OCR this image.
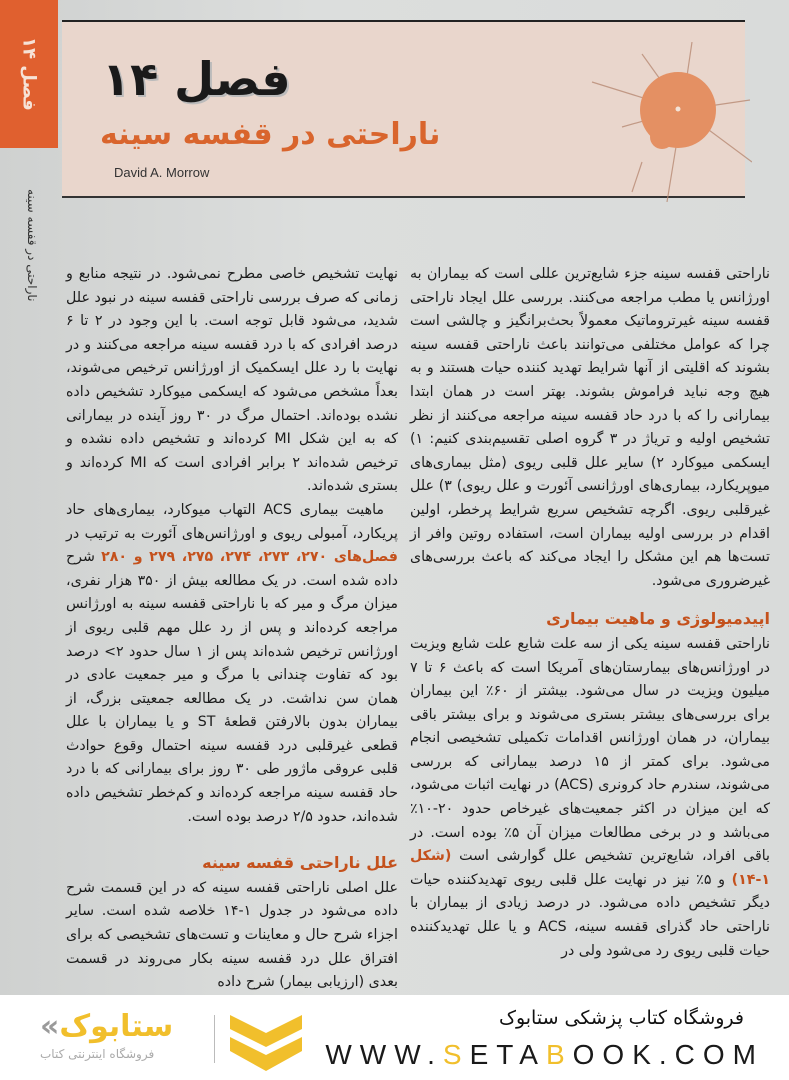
فصل ۱۴
ناراحتی در قفسه سینه
فصل ۱۴
ناراحتی در قفسه سینه
David A. Morrow

ناراحتی قفسه سینه جزء شایع‌ترین عللی است که بیماران به اورژانس یا مطب مراجعه می‌کنند. بررسی علل ایجاد ناراحتی قفسه سینه غیرتروماتیک معمولاً بحث‌برانگیز و چالشی است چرا که عوامل مختلفی می‌توانند باعث ناراحتی قفسه سینه بشوند که اقلیتی از آنها شرایط تهدید کننده حیات هستند و به هیچ وجه نباید فراموش بشوند. بهتر است در همان ابتدا بیمارانی را که با درد حاد قفسه سینه مراجعه می‌کنند از نظر تشخیص اولیه و تریاژ در ۳ گروه اصلی تقسیم‌بندی کنیم: ۱) ایسکمی میوکارد ۲) سایر علل قلبی ریوی (مثل بیماری‌های میوپریکارد، بیماری‌های اورژانسی آئورت و علل ریوی) ۳) علل غیرقلبی ریوی. اگرچه تشخیص سریع شرایط پرخطر، اولین اقدام در بررسی اولیه بیماران است، استفاده روتین وافر از تست‌ها هم این مشکل را ایجاد می‌کند که باعث بررسی‌های غیرضروری می‌شود.

اپیدمیولوژی و ماهیت بیماری

ناراحتی قفسه سینه یکی از سه علت شایع علت شایع ویزیت در اورژانس‌های بیمارستان‌های آمریکا است که باعث ۶ تا ۷ میلیون ویزیت در سال می‌شود. بیشتر از ۶۰٪ این بیماران برای بررسی‌های بیشتر بستری می‌شوند و برای بیشتر باقی بیماران، در همان اورژانس اقدامات تکمیلی تشخیصی انجام می‌شود. برای کمتر از ۱۵ درصد بیمارانی که بررسی می‌شوند، سندرم حاد کرونری (ACS) در نهایت اثبات می‌شود، که این میزان در اکثر جمعیت‌های غیرخاص حدود ۲۰-۱۰٪ می‌باشد و در برخی مطالعات میزان آن ۵٪ بوده است. در باقی افراد، شایع‌ترین تشخیص علل گوارشی است (شکل ۱-۱۴) و ۵٪ نیز در نهایت علل قلبی ریوی تهدیدکننده حیات دیگر تشخیص داده می‌شود. در درصد زیادی از بیماران با ناراحتی حاد گذرای قفسه سینه، ACS و یا علل تهدیدکننده حیات قلبی ریوی رد می‌شود ولی در

نهایت تشخیص خاصی مطرح نمی‌شود. در نتیجه منابع و زمانی که صرف بررسی ناراحتی قفسه سینه در نبود علل شدید، می‌شود قابل توجه است. با این وجود در ۲ تا ۶ درصد افرادی که با درد قفسه سینه مراجعه می‌کنند و در نهایت با رد علل ایسکمیک از اورژانس ترخیص می‌شوند، بعداً مشخص می‌شود که ایسکمی میوکارد تشخیص داده نشده بوده‌اند. احتمال مرگ در ۳۰ روز آینده در بیمارانی که به این شکل MI کرده‌اند و تشخیص داده نشده و ترخیص شده‌اند ۲ برابر افرادی است که MI کرده‌اند و بستری شده‌اند.

ماهیت بیماری ACS التهاب میوکارد، بیماری‌های حاد پریکارد، آمبولی ریوی و اورژانس‌های آئورت به ترتیب در فصل‌های ۲۷۰، ۲۷۳، ۲۷۴، ۲۷۵، ۲۷۹ و ۲۸۰ شرح داده شده است. در یک مطالعه بیش از ۳۵۰ هزار نفری، میزان مرگ و میر که با ناراحتی قفسه سینه به اورژانس مراجعه کرده‌اند و پس از رد علل مهم قلبی ریوی از اورژانس ترخیص شده‌اند پس از ۱ سال حدود ۲> درصد بود که تفاوت چندانی با مرگ و میر جمعیت عادی در همان سن نداشت. در یک مطالعه جمعیتی بزرگ، از بیماران بدون بالارفتن قطعهٔ ST و یا بیماران با علل قطعی غیرقلبی درد قفسه سینه احتمال وقوع حوادث قلبی عروقی ماژور طی ۳۰ روز برای بیمارانی که با درد حاد قفسه سینه مراجعه کرده‌اند و کم‌خطر تشخیص داده شده‌اند، حدود ۲/۵ درصد بوده است.

علل ناراحتی قفسه سینه

علل اصلی ناراحتی قفسه سینه که در این قسمت شرح داده می‌شود در جدول ۱-۱۴ خلاصه شده است. سایر اجزاء شرح حال و معاینات و تست‌های تشخیصی که برای افتراق علل درد قفسه سینه بکار می‌روند در قسمت بعدی (ارزیابی بیمار) شرح داده

«ستابوک
فروشگاه اینترنتی کتاب
فروشگاه کتاب پزشکی ستابوک
WWW.SETABOOK.COM
